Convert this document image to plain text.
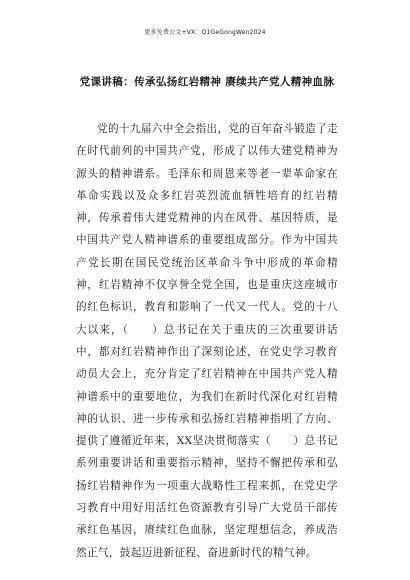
更多免费公文+VX：Q1GeGongWen2024
党课讲稿：传承弘扬红岩精神 赓续共产党人精神血脉

党的十九届六中全会指出，党的百年奋斗锻造了走在时代前列的中国共产党，形成了以伟大建党精神为源头的精神谱系。毛泽东和周恩来等老一辈革命家在革命实践以及众多红岩英烈流血牺牲培育的红岩精神，传承着伟大建党精神的内在风骨、基因特质，是中国共产党人精神谱系的重要组成部分。作为中国共产党长期在国民党统治区革命斗争中形成的革命精神，红岩精神不仅享誉全党全国，也是重庆这座城市的红色标识，教育和影响了一代又一代人。党的十八大以来，（　　）总书记在关于重庆的三次重要讲话中，都对红岩精神作出了深刻论述，在党史学习教育动员大会上，充分肯定了红岩精神在中国共产党人精神谱系中的重要地位，为我们在新时代深化对红岩精神的认识、进一步传承和弘扬红岩精神指明了方向、提供了遵循近年来，XX坚决贯彻落实（　　）总书记系列重要讲话和重要指示精神，坚持不懈把传承和弘扬红岩精神作为一项重大战略性工程来抓，在党史学习教育中用好用活红色资源教育引导广大党员干部传承红色基因，赓续红色血脉，坚定理想信念，养成浩然正气，鼓起迈进新征程、奋进新时代的精气神。
